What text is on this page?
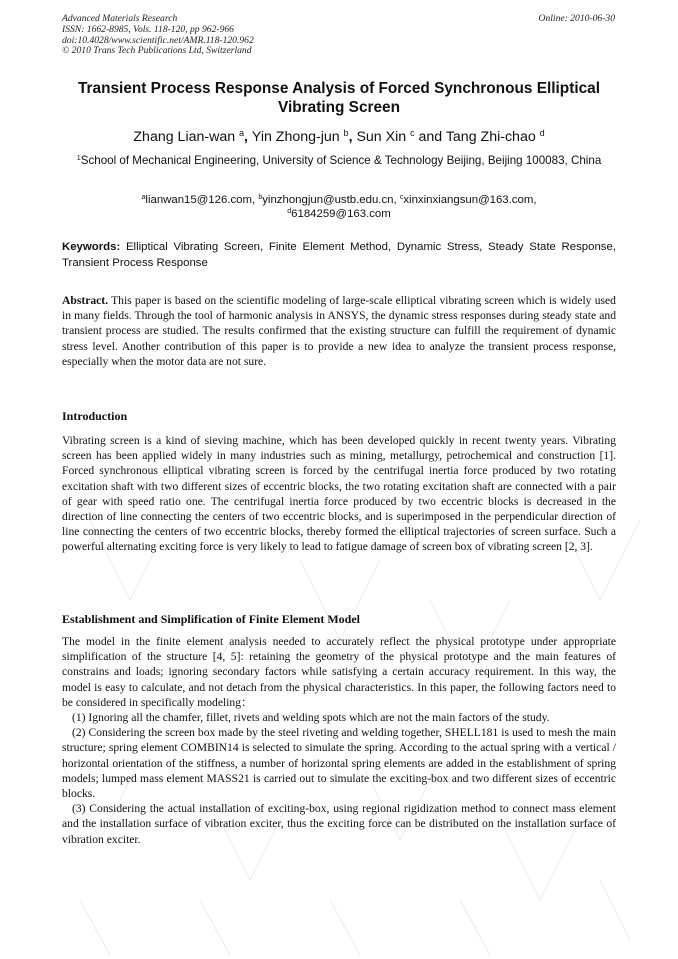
Advanced Materials Research
ISSN: 1662-8985, Vols. 118-120, pp 962-966
doi:10.4028/www.scientific.net/AMR.118-120.962
© 2010 Trans Tech Publications Ltd, Switzerland
Online: 2010-06-30
Transient Process Response Analysis of Forced Synchronous Elliptical Vibrating Screen
Zhang Lian-wan $^a$, Yin Zhong-jun $^b$, Sun Xin $^c$ and Tang Zhi-chao $^d$
$^1$School of Mechanical Engineering, University of Science & Technology Beijing, Beijing 100083, China
$^a$lianwan15@126.com, $^b$yinzhongjun@ustb.edu.cn, $^c$xinxinxiangsun@163.com,
$^d$6184259@163.com
Keywords: Elliptical Vibrating Screen, Finite Element Method, Dynamic Stress, Steady State Response, Transient Process Response
Abstract. This paper is based on the scientific modeling of large-scale elliptical vibrating screen which is widely used in many fields. Through the tool of harmonic analysis in ANSYS, the dynamic stress responses during steady state and transient process are studied. The results confirmed that the existing structure can fulfill the requirement of dynamic stress level. Another contribution of this paper is to provide a new idea to analyze the transient process response, especially when the motor data are not sure.
Introduction

Vibrating screen is a kind of sieving machine, which has been developed quickly in recent twenty years. Vibrating screen has been applied widely in many industries such as mining, metallurgy, petrochemical and construction [1]. Forced synchronous elliptical vibrating screen is forced by the centrifugal inertia force produced by two rotating excitation shaft with two different sizes of eccentric blocks, the two rotating excitation shaft are connected with a pair of gear with speed ratio one. The centrifugal inertia force produced by two eccentric blocks is decreased in the direction of line connecting the centers of two eccentric blocks, and is superimposed in the perpendicular direction of line connecting the centers of two eccentric blocks, thereby formed the elliptical trajectories of screen surface. Such a powerful alternating exciting force is very likely to lead to fatigue damage of screen box of vibrating screen [2, 3].

Establishment and Simplification of Finite Element Model

The model in the finite element analysis needed to accurately reflect the physical prototype under appropriate simplification of the structure [4, 5]: retaining the geometry of the physical prototype and the main features of constrains and loads; ignoring secondary factors while satisfying a certain accuracy requirement. In this way, the model is easy to calculate, and not detach from the physical characteristics. In this paper, the following factors need to be considered in specifically modeling：

(1) Ignoring all the chamfer, fillet, rivets and welding spots which are not the main factors of the study.

(2) Considering the screen box made by the steel riveting and welding together, SHELL181 is used to mesh the main structure; spring element COMBIN14 is selected to simulate the spring. According to the actual spring with a vertical / horizontal orientation of the stiffness, a number of horizontal spring elements are added in the establishment of spring models; lumped mass element MASS21 is carried out to simulate the exciting-box and two different sizes of eccentric blocks.

(3) Considering the actual installation of exciting-box, using regional rigidization method to connect mass element and the installation surface of vibration exciter, thus the exciting force can be distributed on the installation surface of vibration exciter.
